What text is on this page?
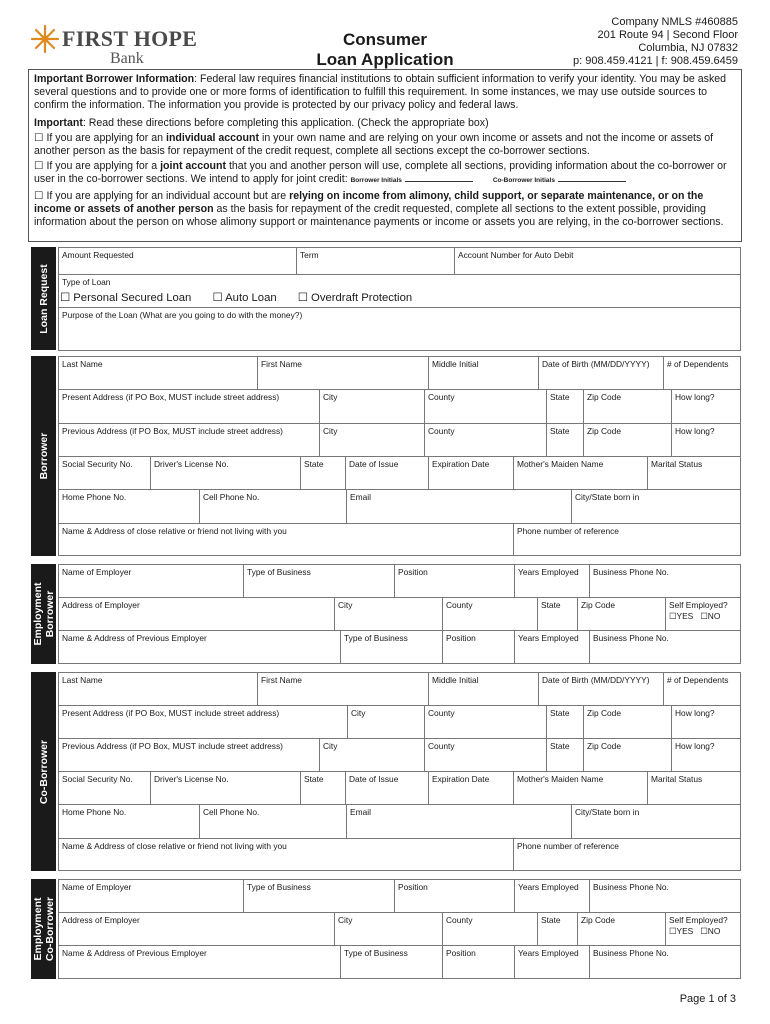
FIRST HOPE
Bank
Consumer
Loan Application
Company NMLS #460885
201 Route 94 | Second Floor
Columbia, NJ 07832
p: 908.459.4121 | f: 908.459.6459

Important Borrower Information: Federal law requires financial institutions to obtain sufficient information to verify your identity. You may be asked several questions and to provide one or more forms of identification to fulfill this requirement. In some instances, we may use outside sources to confirm the information. The information you provide is protected by our privacy policy and federal laws.

Important: Read these directions before completing this application. (Check the appropriate box)

☐ If you are applying for an individual account in your own name and are relying on your own income or assets and not the income or assets of another person as the basis for repayment of the credit request, complete all sections except the co-borrower sections.

☐ If you are applying for a joint account that you and another person will use, complete all sections, providing information about the co-borrower or user in the co-borrower sections. We intend to apply for joint credit: Borrower Initials	Co-Borrower Initials

☐ If you are applying for an individual account but are relying on income from alimony, child support, or separate maintenance, or on the income or assets of another person as the basis for repayment of the credit requested, complete all sections to the extent possible, providing information about the person on whose alimony support or maintenance payments or income or assets you are relying, in the co-borrower sections.

Loan Request
Amount Requested	Term	Account Number for Auto Debit
Type of Loan
☐ Personal Secured Loan ☐ Auto Loan ☐ Overdraft Protection
Purpose of the Loan (What are you going to do with the money?)
Borrower
Last Name	First Name	Middle Initial	Date of Birth (MM/DD/YYYY)	# of Dependents
Present Address (if PO Box, MUST include street address)	City	County	State	Zip Code	How long?
Previous Address (if PO Box, MUST include street address)	City	County	State	Zip Code	How long?
Social Security No.	Driver's License No.	State	Date of Issue	Expiration Date	Mother's Maiden Name	Marital Status
Home Phone No.	Cell Phone No.	Email	City/State born in
Name & Address of close relative or friend not living with you	Phone number of reference
Employment Borrower
Name of Employer	Type of Business	Position	Years Employed	Business Phone No.
Address of Employer	City	County	State	Zip Code	Self Employed?
☐YES ☐NO
Name & Address of Previous Employer	Type of Business	Position	Years Employed	Business Phone No.
Co-Borrower
Last Name	First Name	Middle Initial	Date of Birth (MM/DD/YYYY)	# of Dependents
Present Address (if PO Box, MUST include street address)	City	County	State	Zip Code	How long?
Previous Address (if PO Box, MUST include street address)	City	County	State	Zip Code	How long?
Social Security No.	Driver's License No.	State	Date of Issue	Expiration Date	Mother's Maiden Name	Marital Status
Home Phone No.	Cell Phone No.	Email	City/State born in
Name & Address of close relative or friend not living with you	Phone number of reference
Employment Co-Borrower
Name of Employer	Type of Business	Position	Years Employed	Business Phone No.
Address of Employer	City	County	State	Zip Code	Self Employed?
☐YES ☐NO
Name & Address of Previous Employer	Type of Business	Position	Years Employed	Business Phone No.
Page 1 of 3
